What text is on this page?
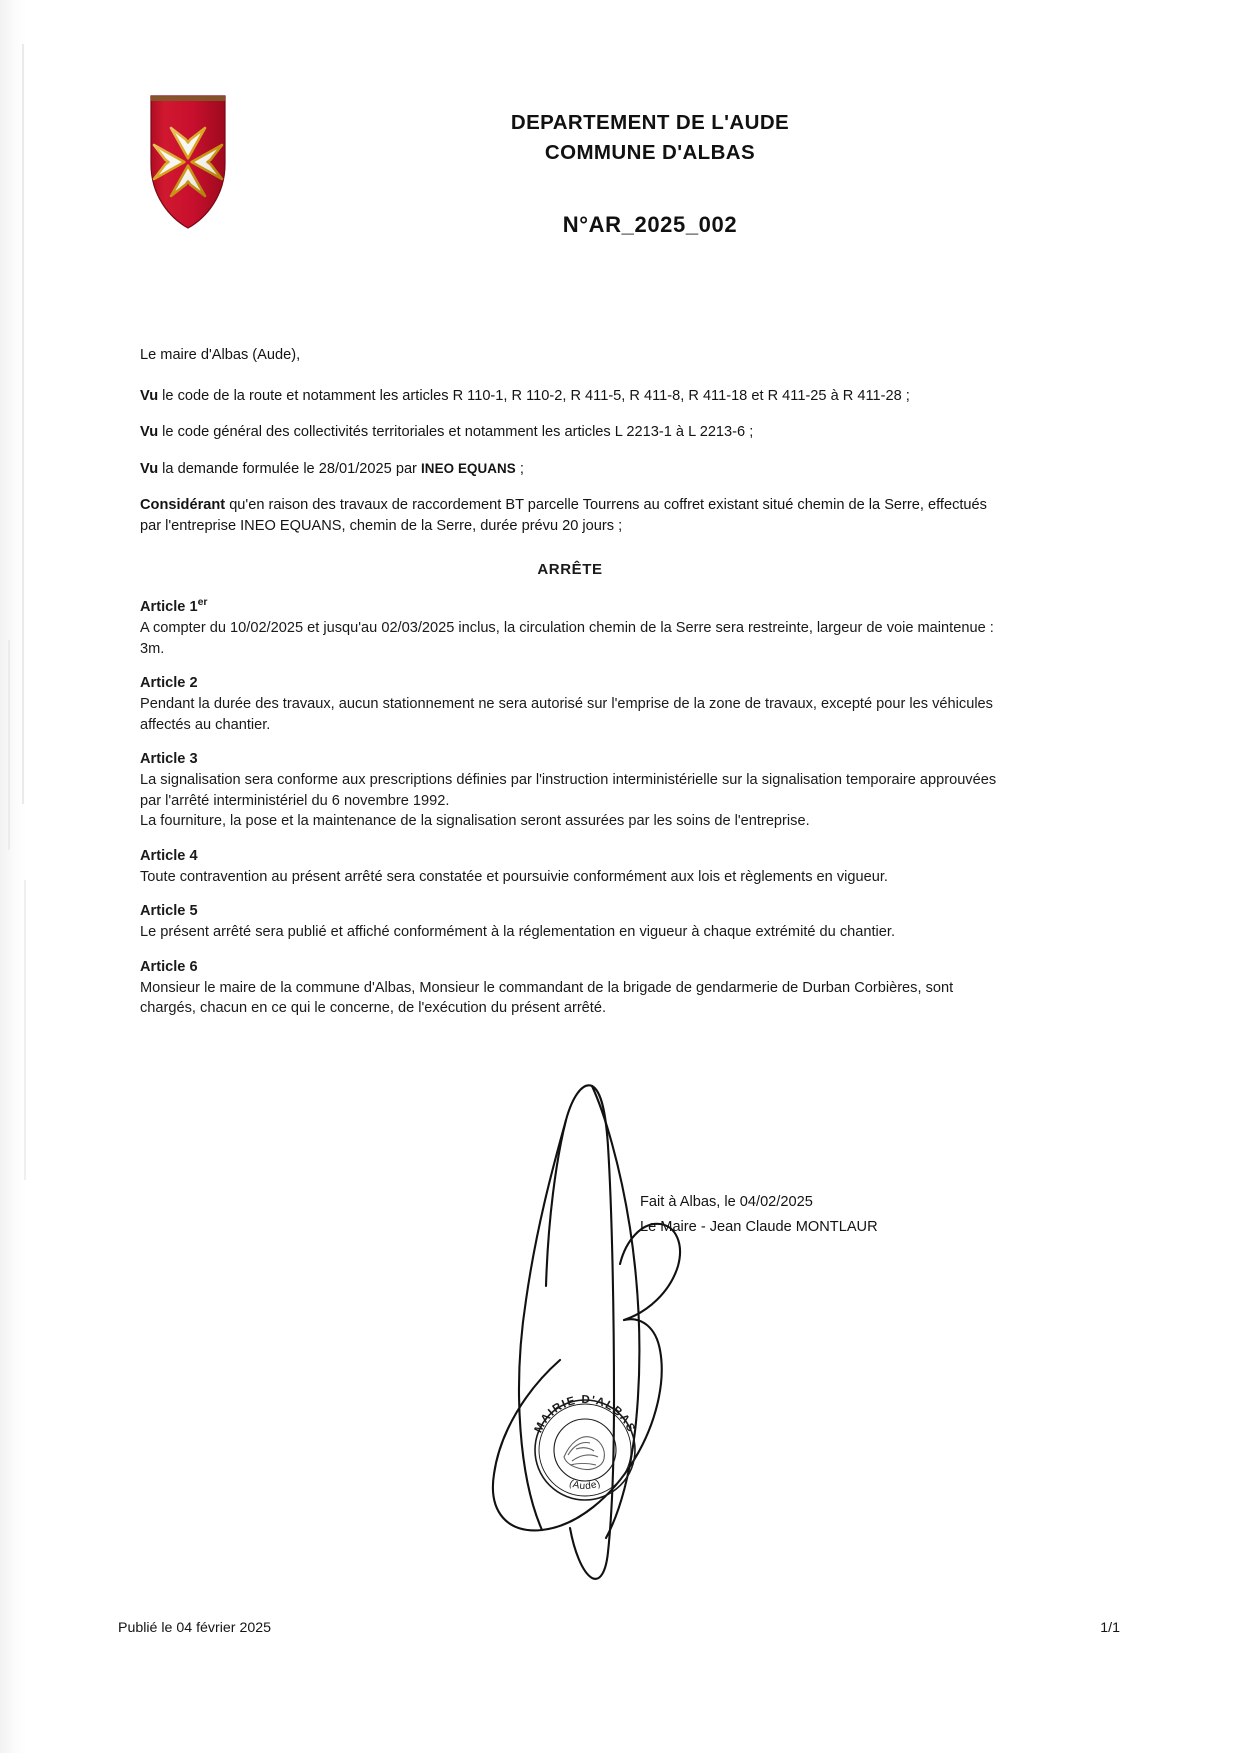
DEPARTEMENT DE L'AUDE
COMMUNE D'ALBAS
N°AR_2025_002

Le maire d'Albas (Aude),

Vu le code de la route et notamment les articles R 110-1, R 110-2, R 411-5, R 411-8, R 411-18 et R 411-25 à R 411-28 ;

Vu le code général des collectivités territoriales et notamment les articles L 2213-1 à L 2213-6 ;

Vu la demande formulée le 28/01/2025 par INEO EQUANS ;

Considérant qu'en raison des travaux de raccordement BT parcelle Tourrens au coffret existant situé chemin de la Serre, effectués par l'entreprise INEO EQUANS, chemin de la Serre, durée prévu 20 jours ;

ARRÊTE
Article 1er
A compter du 10/02/2025 et jusqu'au 02/03/2025 inclus, la circulation chemin de la Serre sera restreinte, largeur de voie maintenue : 3m.
Article 2
Pendant la durée des travaux, aucun stationnement ne sera autorisé sur l'emprise de la zone de travaux, excepté pour les véhicules affectés au chantier.
Article 3
La signalisation sera conforme aux prescriptions définies par l'instruction interministérielle sur la signalisation temporaire approuvées par l'arrêté interministériel du 6 novembre 1992.
La fourniture, la pose et la maintenance de la signalisation seront assurées par les soins de l'entreprise.
Article 4
Toute contravention au présent arrêté sera constatée et poursuivie conformément aux lois et règlements en vigueur.
Article 5
Le présent arrêté sera publié et affiché conformément à la réglementation en vigueur à chaque extrémité du chantier.
Article 6
Monsieur le maire de la commune d'Albas, Monsieur le commandant de la brigade de gendarmerie de Durban Corbières, sont chargés, chacun en ce qui le concerne, de l'exécution du présent arrêté.
Fait à Albas, le 04/02/2025
Le Maire - Jean Claude MONTLAUR
MAIRIE D'ALBAS
(Aude)
Publié le 04 février 2025	1/1
